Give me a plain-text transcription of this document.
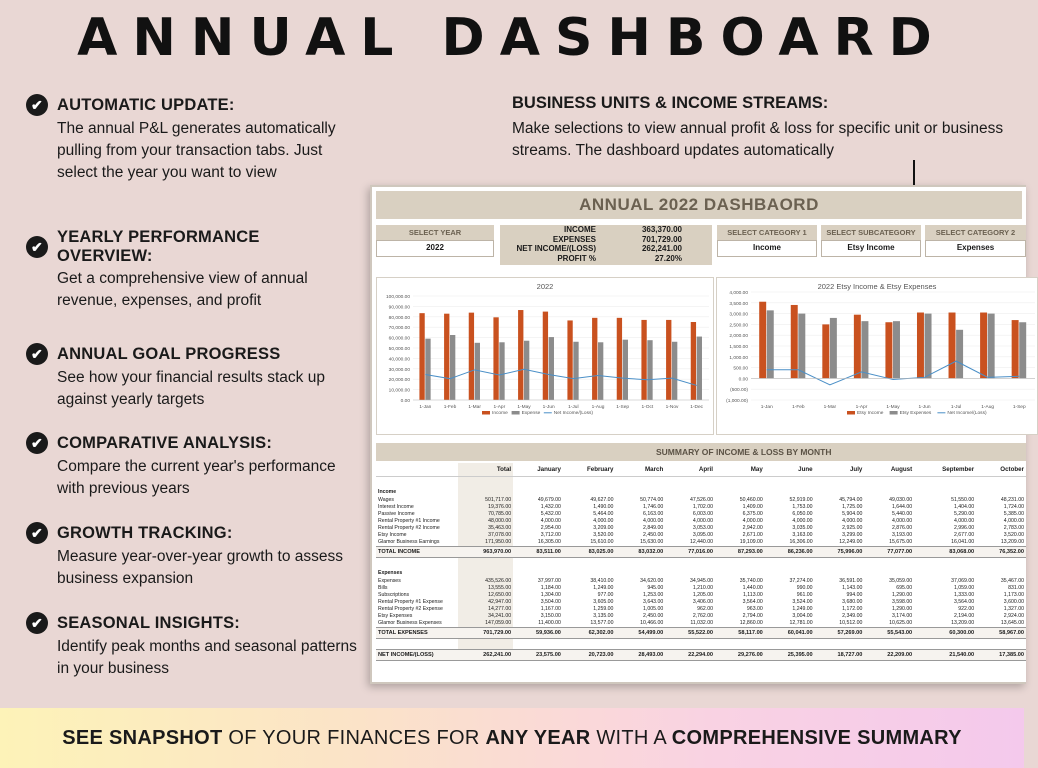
ANNUAL DASHBOARD
✔ AUTOMATIC UPDATE:
The annual P&L generates automatically pulling from your transaction tabs. Just select the year you want to view
✔
YEARLY PERFORMANCE OVERVIEW:
Get a comprehensive view of annual revenue, expenses, and profit
✔ ANNUAL GOAL PROGRESS
See how your financial results stack up against yearly targets
✔ COMPARATIVE ANALYSIS:
Compare the current year's performance with previous years
✔ GROWTH TRACKING:
Measure year-over-year growth to assess business expansion
✔ SEASONAL INSIGHTS:
Identify peak months and seasonal patterns in your business
BUSINESS UNITS & INCOME STREAMS:
Make selections to view annual profit & loss for specific unit or business streams. The dashboard updates automatically
ANNUAL 2022 DASHBAORD
SELECT YEAR
2022
INCOME	363,370.00
EXPENSES	701,729.00
NET INCOME/(LOSS)	262,241.00
PROFIT %	27.20%
SELECT CATEGORY 1
Income
SELECT SUBCATEGORY
Etsy Income
SELECT CATEGORY 2
Expenses
2022
0.00
10,000.00
20,000.00
30,000.00
40,000.00
50,000.00
60,000.00
70,000.00
80,000.00
90,000.00
100,000.00
1-Jan	1-Feb	1-Mar	1-Apr	1-May	1-Jun	1-Jul	1-Aug 1-Sep	1-Oct	1-Nov 1-Dec
Income	Expense	Net Income/(Loss)
2022 Etsy Income & Etsy Expenses
(1,000.00)
(500.00)
0.00
500.00
1,000.00
1,500.00
2,000.00
2,500.00
3,000.00
3,500.00
4,000.00
1-Jan	1-Feb	1-Mar	1-Apr	1-May	1-Jun	1-Jul	1-Aug	1-Sep
Etsy Income	Etsy Expenses	Net Income/(Loss)
SUMMARY OF INCOME & LOSS BY MONTH
	Total	January	February	March	April	May	June	July	August	September	October

Income											
Wages	501,717.00	49,679.00	49,627.00	50,774.00	47,526.00	50,460.00	52,919.00	45,794.00	49,030.00	51,550.00	48,231.00
Interest Income	19,376.00	1,432.00	1,490.00	1,746.00	1,702.00	1,409.00	1,753.00	1,725.00	1,644.00	1,404.00	1,724.00
Passive Income	70,785.00	5,432.00	5,464.00	6,163.00	6,003.00	6,375.00	6,050.00	5,904.00	5,440.00	5,290.00	5,385.00
Rental Property #1 Income	48,000.00	4,000.00	4,000.00	4,000.00	4,000.00	4,000.00	4,000.00	4,000.00	4,000.00	4,000.00	4,000.00
Rental Property #2 Income	35,463.00	2,954.00	3,209.00	2,849.00	3,053.00	2,942.00	3,035.00	2,925.00	2,876.00	2,996.00	2,783.00
Etsy Income	37,078.00	3,712.00	3,520.00	2,450.00	3,095.00	2,671.00	3,163.00	3,299.00	3,193.00	2,677.00	3,520.00
Glamor Business Earnings	171,950.00	16,305.00	15,610.00	15,630.00	12,440.00	19,109.00	16,306.00	12,249.00	15,675.00	16,041.00	13,209.00
TOTAL INCOME	963,970.00	83,511.00	83,025.00	83,032.00	77,016.00	87,293.00	86,236.00	75,996.00	77,077.00	83,068.00	76,352.00

Expenses											
Expenses	435,526.00	37,997.00	38,410.00	34,620.00	34,945.00	35,740.00	37,274.00	36,591.00	35,059.00	37,069.00	35,467.00
Bills	13,555.00	1,184.00	1,249.00	945.00	1,210.00	1,440.00	990.00	1,143.00	695.00	1,059.00	831.00
Subscriptions	12,650.00	1,304.00	977.00	1,253.00	1,205.00	1,113.00	961.00	994.00	1,290.00	1,333.00	1,173.00
Rental Property #1 Expense	42,947.00	3,504.00	3,605.00	3,643.00	3,406.00	3,564.00	3,524.00	3,680.00	3,598.00	3,564.00	3,600.00
Rental Property #2 Expense	14,277.00	1,167.00	1,259.00	1,005.00	962.00	963.00	1,249.00	1,172.00	1,290.00	922.00	1,327.00
Etsy Expenses	34,241.00	3,150.00	3,135.00	2,450.00	2,762.00	2,794.00	3,004.00	2,349.00	3,174.00	2,194.00	2,924.00
Glamor Business Expenses	147,059.00	11,400.00	13,577.00	10,466.00	11,032.00	12,860.00	12,781.00	10,512.00	10,625.00	13,209.00	13,645.00
TOTAL EXPENSES	701,729.00	59,936.00	62,302.00	54,499.00	55,522.00	58,117.00	60,041.00	57,269.00	55,543.00	60,300.00	58,967.00

NET INCOME/(LOSS)	262,241.00	23,575.00	20,723.00	28,493.00	22,294.00	29,276.00	25,395.00	18,727.00	22,209.00	21,540.00	17,385.00
SEE SNAPSHOT OF YOUR FINANCES FOR ANY YEAR WITH A COMPREHENSIVE SUMMARY
